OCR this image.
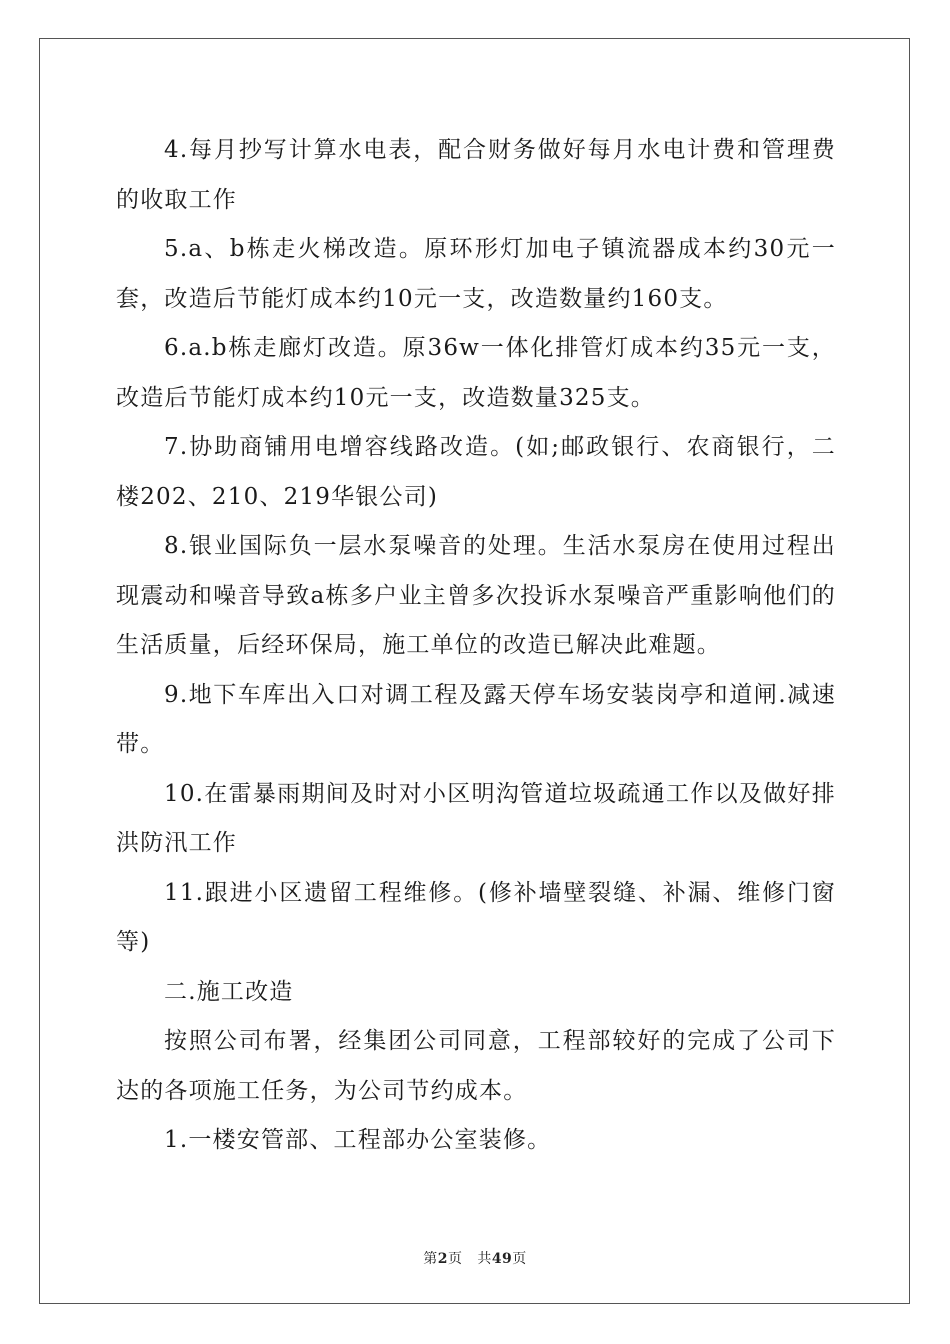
4.每月抄写计算水电表，配合财务做好每月水电计费和管理费的收取工作

5.a、b栋走火梯改造。原环形灯加电子镇流器成本约30元一套，改造后节能灯成本约10元一支，改造数量约160支。

6.a.b栋走廊灯改造。原36w一体化排管灯成本约35元一支，改造后节能灯成本约10元一支，改造数量325支。

7.协助商铺用电增容线路改造。(如;邮政银行、农商银行，二楼202、210、219华银公司)

8.银业国际负一层水泵噪音的处理。生活水泵房在使用过程出现震动和噪音导致a栋多户业主曾多次投诉水泵噪音严重影响他们的生活质量，后经环保局，施工单位的改造已解决此难题。

9.地下车库出入口对调工程及露天停车场安装岗亭和道闸.减速带。

10.在雷暴雨期间及时对小区明沟管道垃圾疏通工作以及做好排洪防汛工作

11.跟进小区遗留工程维修。(修补墙壁裂缝、补漏、维修门窗等)

二.施工改造

按照公司布署，经集团公司同意，工程部较好的完成了公司下达的各项施工任务，为公司节约成本。

1.一楼安管部、工程部办公室装修。

第2页 共49页
